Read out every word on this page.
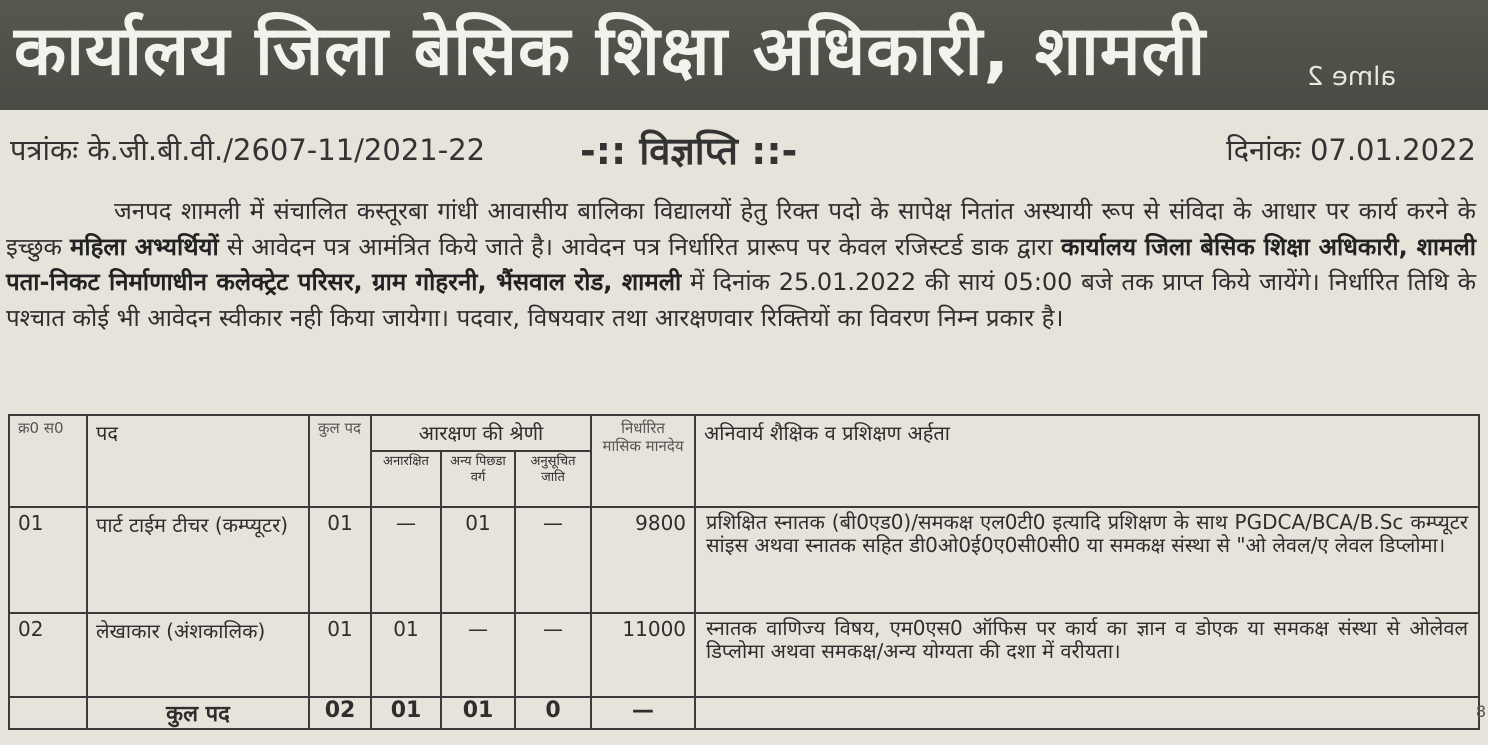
कार्यालय जिला बेसिक शिक्षा अधिकारी, शामली	alme 2
पत्रांकः के.जी.बी.वी./2607-11/2021-22 -:: विज्ञप्ति ::-	दिनांकः 07.01.2022
जनपद शामली में संचालित कस्तूरबा गांधी आवासीय बालिका विद्यालयों हेतु रिक्त पदो के सापेक्ष नितांत अस्थायी रूप से संविदा के आधार पर कार्य करने के इच्छुक महिला अभ्यर्थियों से आवेदन पत्र आमंत्रित किये जाते है। आवेदन पत्र निर्धारित प्रारूप पर केवल रजिस्टर्ड डाक द्वारा कार्यालय जिला बेसिक शिक्षा अधिकारी, शामली पता-निकट निर्माणाधीन कलेक्ट्रेट परिसर, ग्राम गोहरनी, भैंसवाल रोड, शामली में दिनांक 25.01.2022 की सायं 05:00 बजे तक प्राप्त किये जायेंगे। निर्धारित तिथि के पश्चात कोई भी आवेदन स्वीकार नही किया जायेगा। पदवार, विषयवार तथा आरक्षणवार रिक्तियों का विवरण निम्न प्रकार है।
क्र0 स0	पद	कुल पद	आरक्षण की श्रेणी			निर्धारित मासिक मानदेय	अनिवार्य शैक्षिक व प्रशिक्षण अर्हता
			अनारक्षित	अन्य पिछडा वर्ग	अनुसूचित जाति		
01	पार्ट टाईम टीचर (कम्प्यूटर)	01	—	01	—	9800	प्रशिक्षित स्नातक (बी0एड0)/समकक्ष एल0टी0 इत्यादि प्रशिक्षण के साथ PGDCA/BCA/B.Sc कम्प्यूटर सांइस अथवा स्नातक सहित डी0ओ0ई0ए0सी0सी0 या समकक्ष संस्था से "ओ लेवल/ए लेवल डिप्लोमा।
02	लेखाकार (अंशकालिक)	01	01	—	—	11000	स्नातक वाणिज्य विषय, एम0एस0 ऑफिस पर कार्य का ज्ञान व डोएक या समकक्ष संस्था से ओलेवल डिप्लोमा अथवा समकक्ष/अन्य योग्यता की दशा में वरीयता।
	कुल पद	02	01	01	0	—		8
